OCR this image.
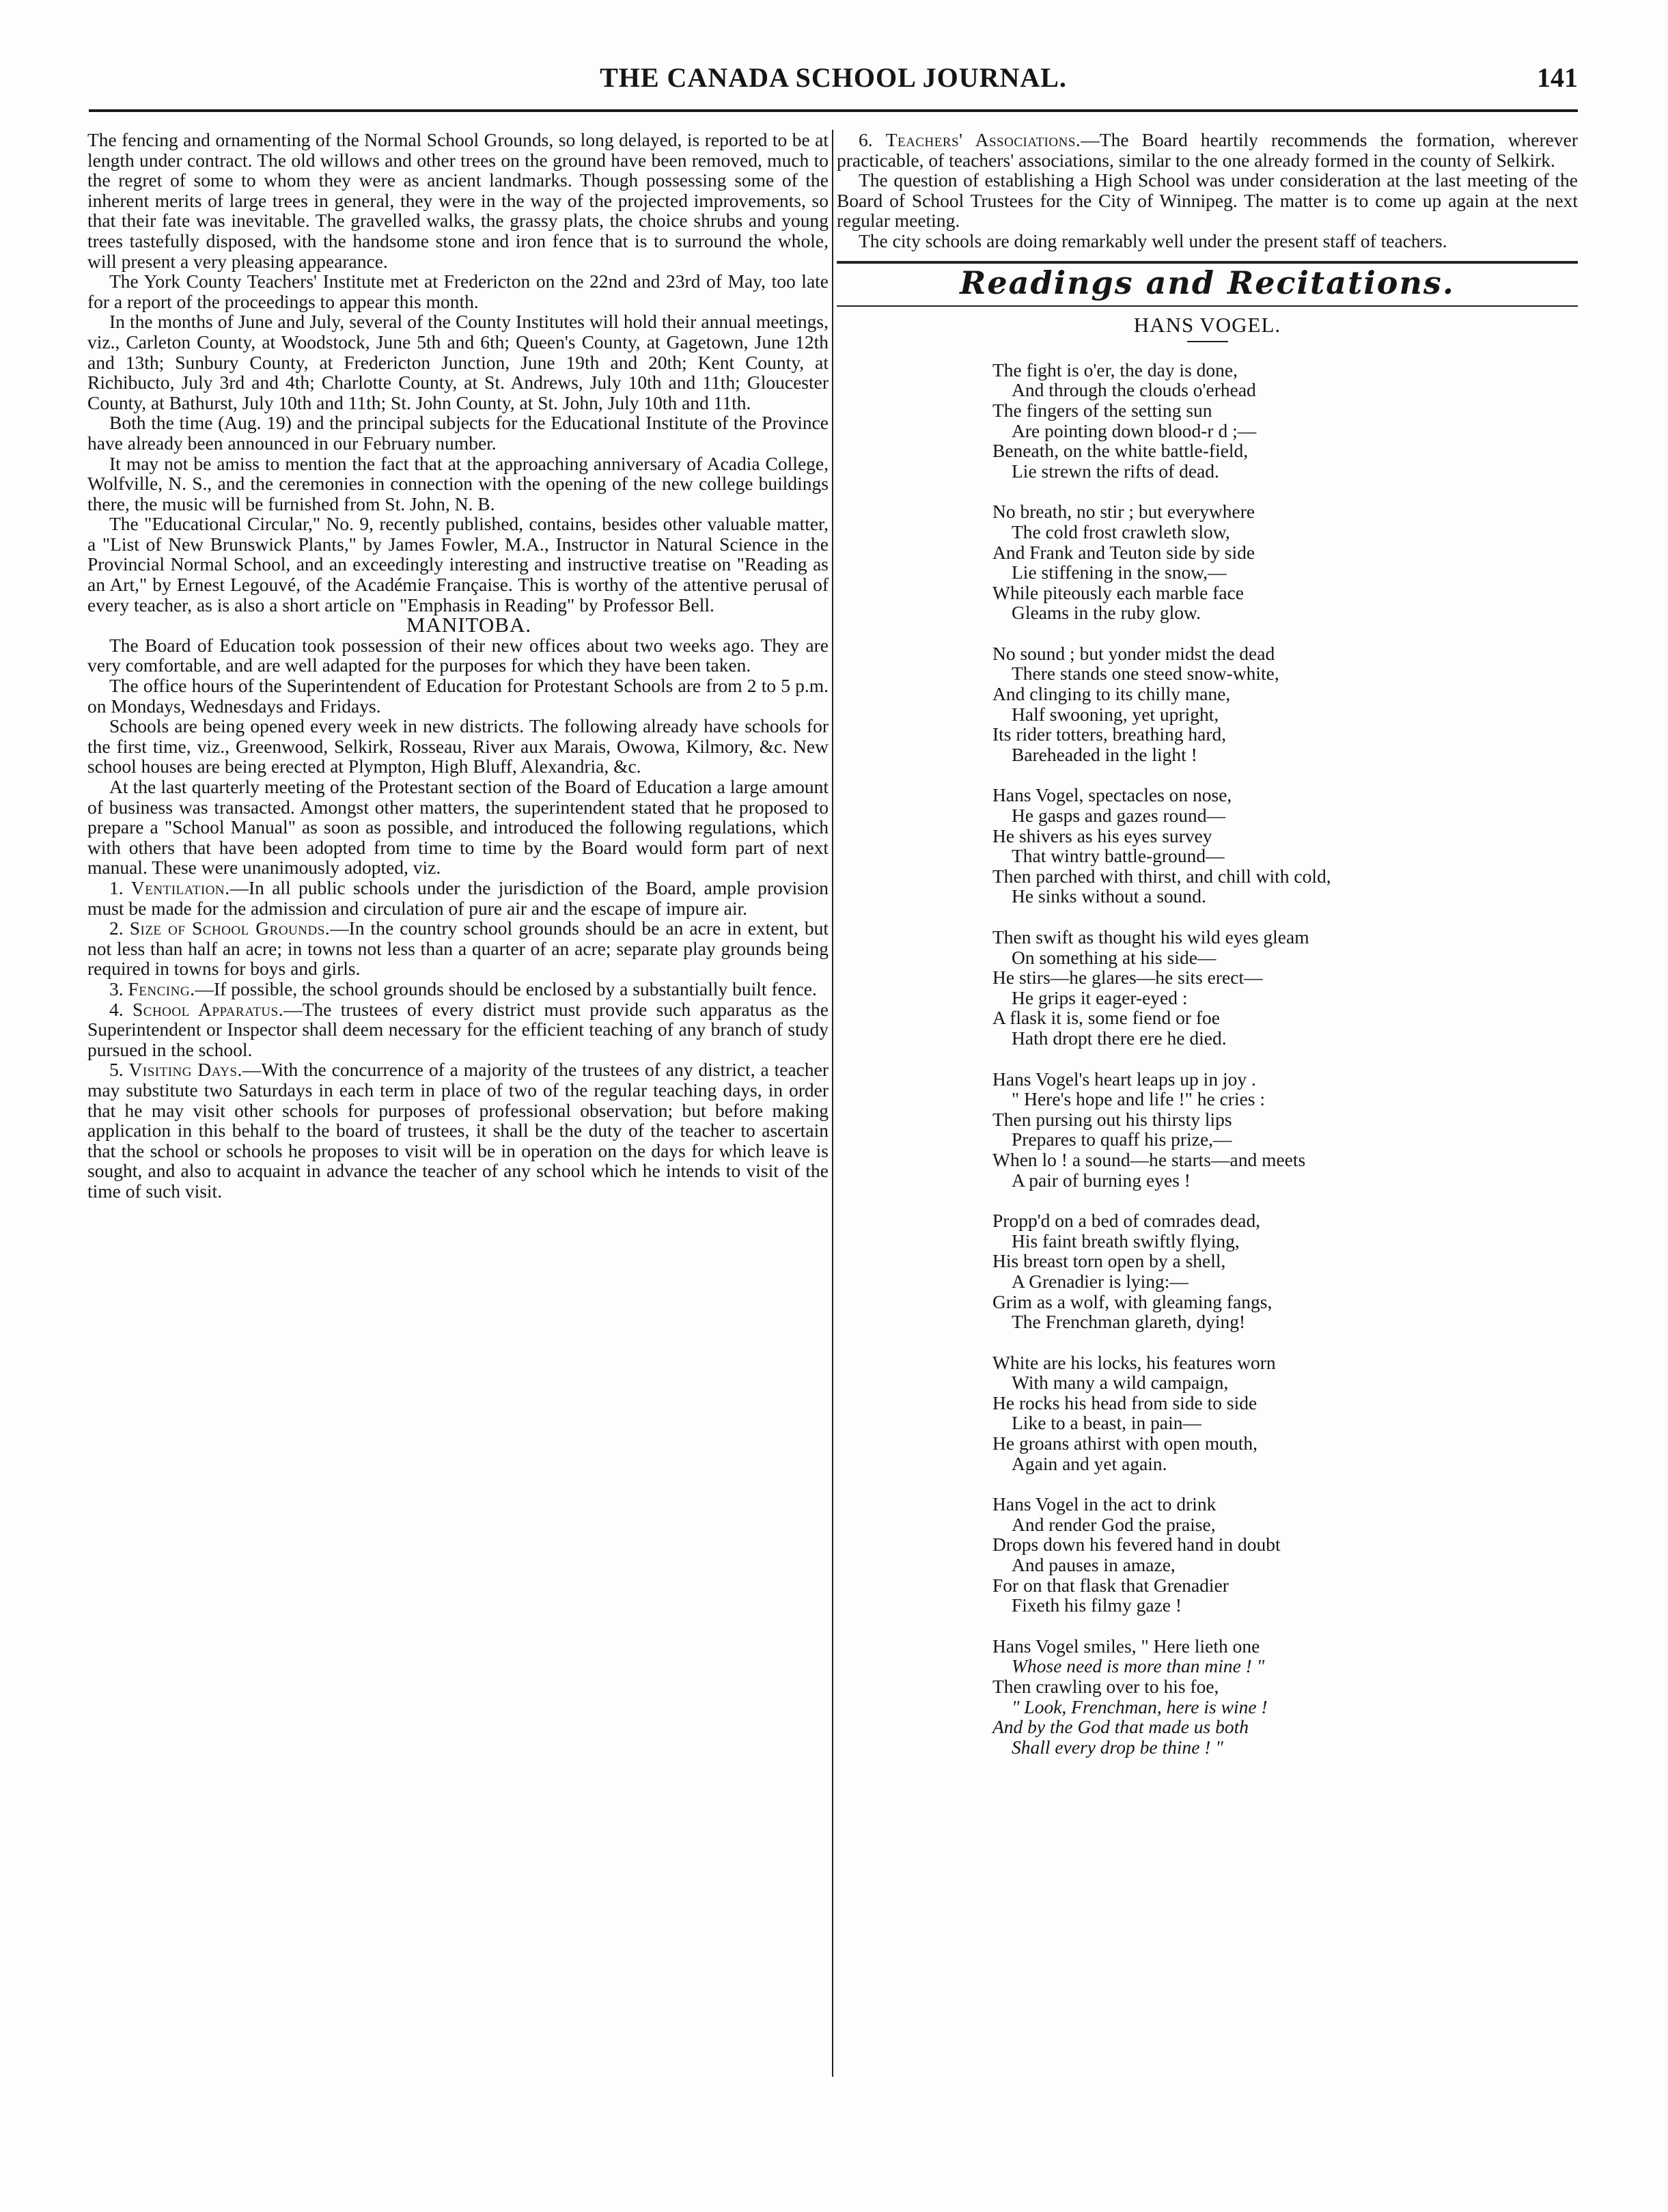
THE CANADA SCHOOL JOURNAL.	141

The fencing and ornamenting of the Normal School Grounds, so long delayed, is reported to be at length under contract. The old willows and other trees on the ground have been removed, much to the regret of some to whom they were as ancient landmarks. Though possessing some of the inherent merits of large trees in general, they were in the way of the projected improvements, so that their fate was inevitable. The gravelled walks, the grassy plats, the choice shrubs and young trees tastefully disposed, with the handsome stone and iron fence that is to surround the whole, will present a very pleasing appearance.

The York County Teachers' Institute met at Fredericton on the 22nd and 23rd of May, too late for a report of the proceedings to appear this month.

In the months of June and July, several of the County Institutes will hold their annual meetings, viz., Carleton County, at Woodstock, June 5th and 6th; Queen's County, at Gagetown, June 12th and 13th; Sunbury County, at Fredericton Junction, June 19th and 20th; Kent County, at Richibucto, July 3rd and 4th; Charlotte County, at St. Andrews, July 10th and 11th; Gloucester County, at Bathurst, July 10th and 11th; St. John County, at St. John, July 10th and 11th.

Both the time (Aug. 19) and the principal subjects for the Educational Institute of the Province have already been announced in our February number.

It may not be amiss to mention the fact that at the approaching anniversary of Acadia College, Wolfville, N. S., and the ceremonies in connection with the opening of the new college buildings there, the music will be furnished from St. John, N. B.

The "Educational Circular," No. 9, recently published, contains, besides other valuable matter, a "List of New Brunswick Plants," by James Fowler, M.A., Instructor in Natural Science in the Provincial Normal School, and an exceedingly interesting and instructive treatise on "Reading as an Art," by Ernest Legouvé, of the Académie Française. This is worthy of the attentive perusal of every teacher, as is also a short article on "Emphasis in Reading" by Professor Bell.

MANITOBA.

The Board of Education took possession of their new offices about two weeks ago. They are very comfortable, and are well adapted for the purposes for which they have been taken.

The office hours of the Superintendent of Education for Protestant Schools are from 2 to 5 p.m. on Mondays, Wednesdays and Fridays.

Schools are being opened every week in new districts. The following already have schools for the first time, viz., Greenwood, Selkirk, Rosseau, River aux Marais, Owowa, Kilmory, &c. New school houses are being erected at Plympton, High Bluff, Alexandria, &c.

At the last quarterly meeting of the Protestant section of the Board of Education a large amount of business was transacted. Amongst other matters, the superintendent stated that he proposed to prepare a "School Manual" as soon as possible, and introduced the following regulations, which with others that have been adopted from time to time by the Board would form part of next manual. These were unanimously adopted, viz.

1. Ventilation.—In all public schools under the jurisdiction of the Board, ample provision must be made for the admission and circulation of pure air and the escape of impure air.

2. Size of School Grounds.—In the country school grounds should be an acre in extent, but not less than half an acre; in towns not less than a quarter of an acre; separate play grounds being required in towns for boys and girls.

3. Fencing.—If possible, the school grounds should be enclosed by a substantially built fence.

4. School Apparatus.—The trustees of every district must provide such apparatus as the Superintendent or Inspector shall deem necessary for the efficient teaching of any branch of study pursued in the school.

5. Visiting Days.—With the concurrence of a majority of the trustees of any district, a teacher may substitute two Saturdays in each term in place of two of the regular teaching days, in order that he may visit other schools for purposes of professional observation; but before making application in this behalf to the board of trustees, it shall be the duty of the teacher to ascertain that the school or schools he proposes to visit will be in operation on the days for which leave is sought, and also to acquaint in advance the teacher of any school which he intends to visit of the time of such visit.

6. Teachers' Associations.—The Board heartily recommends the formation, wherever practicable, of teachers' associations, similar to the one already formed in the county of Selkirk.

The question of establishing a High School was under consideration at the last meeting of the Board of School Trustees for the City of Winnipeg. The matter is to come up again at the next regular meeting.

The city schools are doing remarkably well under the present staff of teachers.

Readings and Recitations.
HANS VOGEL.
The fight is o'er, the day is done,
And through the clouds o'erhead
The fingers of the setting sun
Are pointing down blood-r d ;—
Beneath, on the white battle-field,
Lie strewn the rifts of dead.
No breath, no stir ; but everywhere
The cold frost crawleth slow,
And Frank and Teuton side by side
Lie stiffening in the snow,—
While piteously each marble face
Gleams in the ruby glow.
No sound ; but yonder midst the dead
There stands one steed snow-white,
And clinging to its chilly mane,
Half swooning, yet upright,
Its rider totters, breathing hard,
Bareheaded in the light !
Hans Vogel, spectacles on nose,
He gasps and gazes round—
He shivers as his eyes survey
That wintry battle-ground—
Then parched with thirst, and chill with cold,
He sinks without a sound.
Then swift as thought his wild eyes gleam
On something at his side—
He stirs—he glares—he sits erect—
He grips it eager-eyed :
A flask it is, some fiend or foe
Hath dropt there ere he died.
Hans Vogel's heart leaps up in joy .
" Here's hope and life !" he cries :
Then pursing out his thirsty lips
Prepares to quaff his prize,—
When lo ! a sound—he starts—and meets
A pair of burning eyes !
Propp'd on a bed of comrades dead,
His faint breath swiftly flying,
His breast torn open by a shell,
A Grenadier is lying:—
Grim as a wolf, with gleaming fangs,
The Frenchman glareth, dying!
White are his locks, his features worn
With many a wild campaign,
He rocks his head from side to side
Like to a beast, in pain—
He groans athirst with open mouth,
Again and yet again.
Hans Vogel in the act to drink
And render God the praise,
Drops down his fevered hand in doubt
And pauses in amaze,
For on that flask that Grenadier
Fixeth his filmy gaze !
Hans Vogel smiles, " Here lieth one
Whose need is more than mine ! "
Then crawling over to his foe,
" Look, Frenchman, here is wine !
And by the God that made us both
Shall every drop be thine ! "
